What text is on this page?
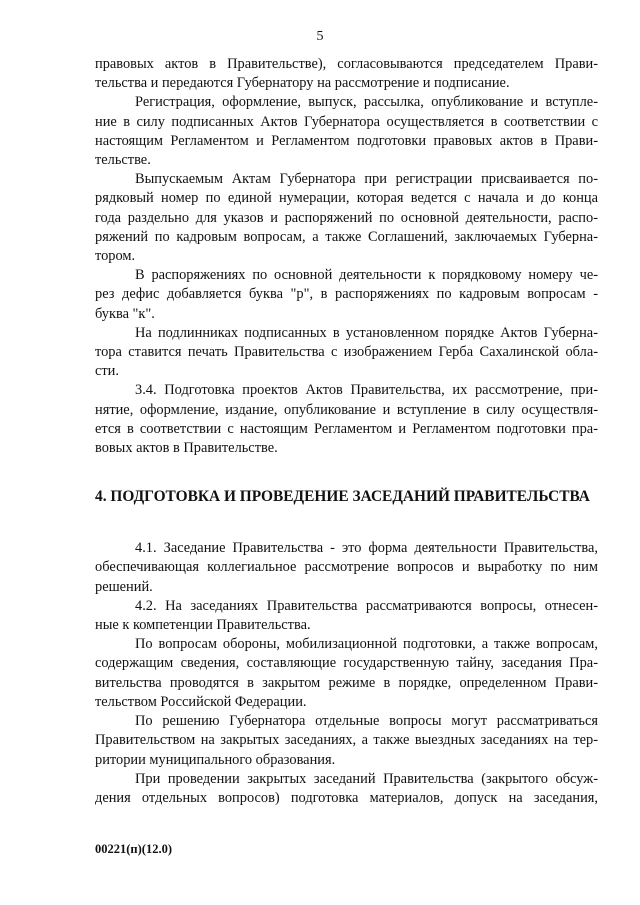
5

правовых актов в Правительстве), согласовываются председателем Прави-
тельства и передаются Губернатору на рассмотрение и подписание.

Регистрация, оформление, выпуск, рассылка, опубликование и вступле-
ние в силу подписанных Актов Губернатора осуществляется в соответствии с
настоящим Регламентом и Регламентом подготовки правовых актов в Прави-
тельстве.

Выпускаемым Актам Губернатора при регистрации присваивается по-
рядковый номер по единой нумерации, которая ведется с начала и до конца
года раздельно для указов и распоряжений по основной деятельности, распо-
ряжений по кадровым вопросам, а также Соглашений, заключаемых Губерна-
тором.

В распоряжениях по основной деятельности к порядковому номеру че-
рез дефис добавляется буква "р", в распоряжениях по кадровым вопросам -
буква "к".

На подлинниках подписанных в установленном порядке Актов Губерна-
тора ставится печать Правительства с изображением Герба Сахалинской обла-
сти.

3.4. Подготовка проектов Актов Правительства, их рассмотрение, при-
нятие, оформление, издание, опубликование и вступление в силу осуществля-
ется в соответствии с настоящим Регламентом и Регламентом подготовки пра-
вовых актов в Правительстве.

4. ПОДГОТОВКА И ПРОВЕДЕНИЕ ЗАСЕДАНИЙ ПРАВИТЕЛЬСТВА

4.1. Заседание Правительства - это форма деятельности Правительства,
обеспечивающая коллегиальное рассмотрение вопросов и выработку по ним
решений.

4.2. На заседаниях Правительства рассматриваются вопросы, отнесен-
ные к компетенции Правительства.

По вопросам обороны, мобилизационной подготовки, а также вопросам,
содержащим сведения, составляющие государственную тайну, заседания Пра-
вительства проводятся в закрытом режиме в порядке, определенном Прави-
тельством Российской Федерации.

По решению Губернатора отдельные вопросы могут рассматриваться
Правительством на закрытых заседаниях, а также выездных заседаниях на тер-
ритории муниципального образования.

При проведении закрытых заседаний Правительства (закрытого обсуж-
дения отдельных вопросов) подготовка материалов, допуск на заседания,

00221(п)(12.0)
